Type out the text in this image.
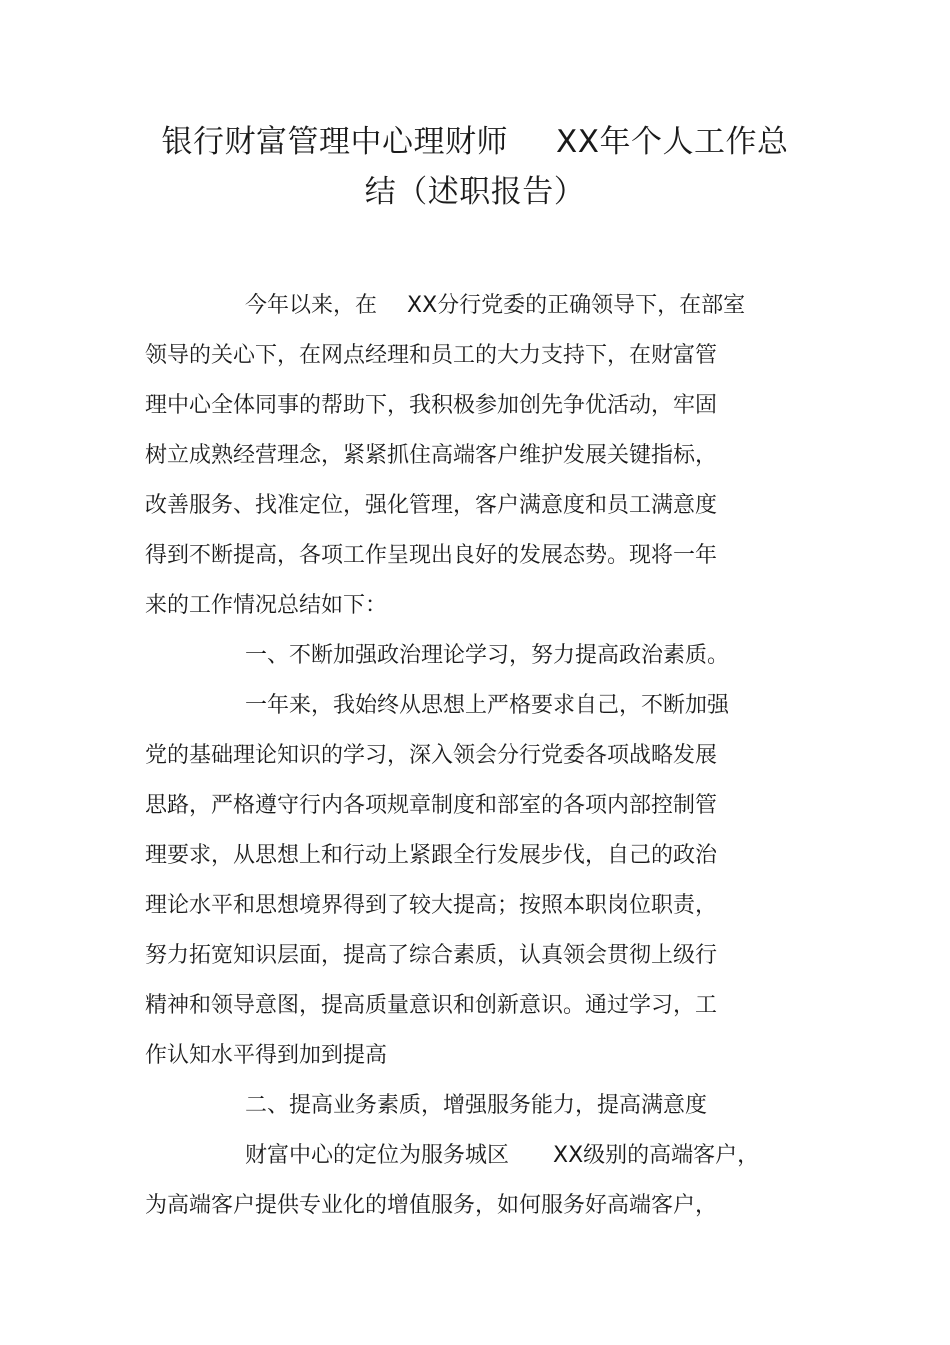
银行财富管理中心理财师 XX年个人工作总
结（述职报告）
今年以来，在 XX分行党委的正确领导下，在部室
领导的关心下，在网点经理和员工的大力支持下，在财富管
理中心全体同事的帮助下，我积极参加创先争优活动，牢固
树立成熟经营理念，紧紧抓住高端客户维护发展关键指标，
改善服务、找准定位，强化管理，客户满意度和员工满意度
得到不断提高，各项工作呈现出良好的发展态势。现将一年
来的工作情况总结如下：
一、不断加强政治理论学习，努力提高政治素质。
一年来，我始终从思想上严格要求自己，不断加强
党的基础理论知识的学习，深入领会分行党委各项战略发展
思路，严格遵守行内各项规章制度和部室的各项内部控制管
理要求，从思想上和行动上紧跟全行发展步伐，自己的政治
理论水平和思想境界得到了较大提高；按照本职岗位职责，
努力拓宽知识层面，提高了综合素质，认真领会贯彻上级行
精神和领导意图，提高质量意识和创新意识。通过学习，工
作认知水平得到加到提高
二、提高业务素质，增强服务能力，提高满意度
财富中心的定位为服务城区 XX级别的高端客户，
为高端客户提供专业化的增值服务，如何服务好高端客户，
